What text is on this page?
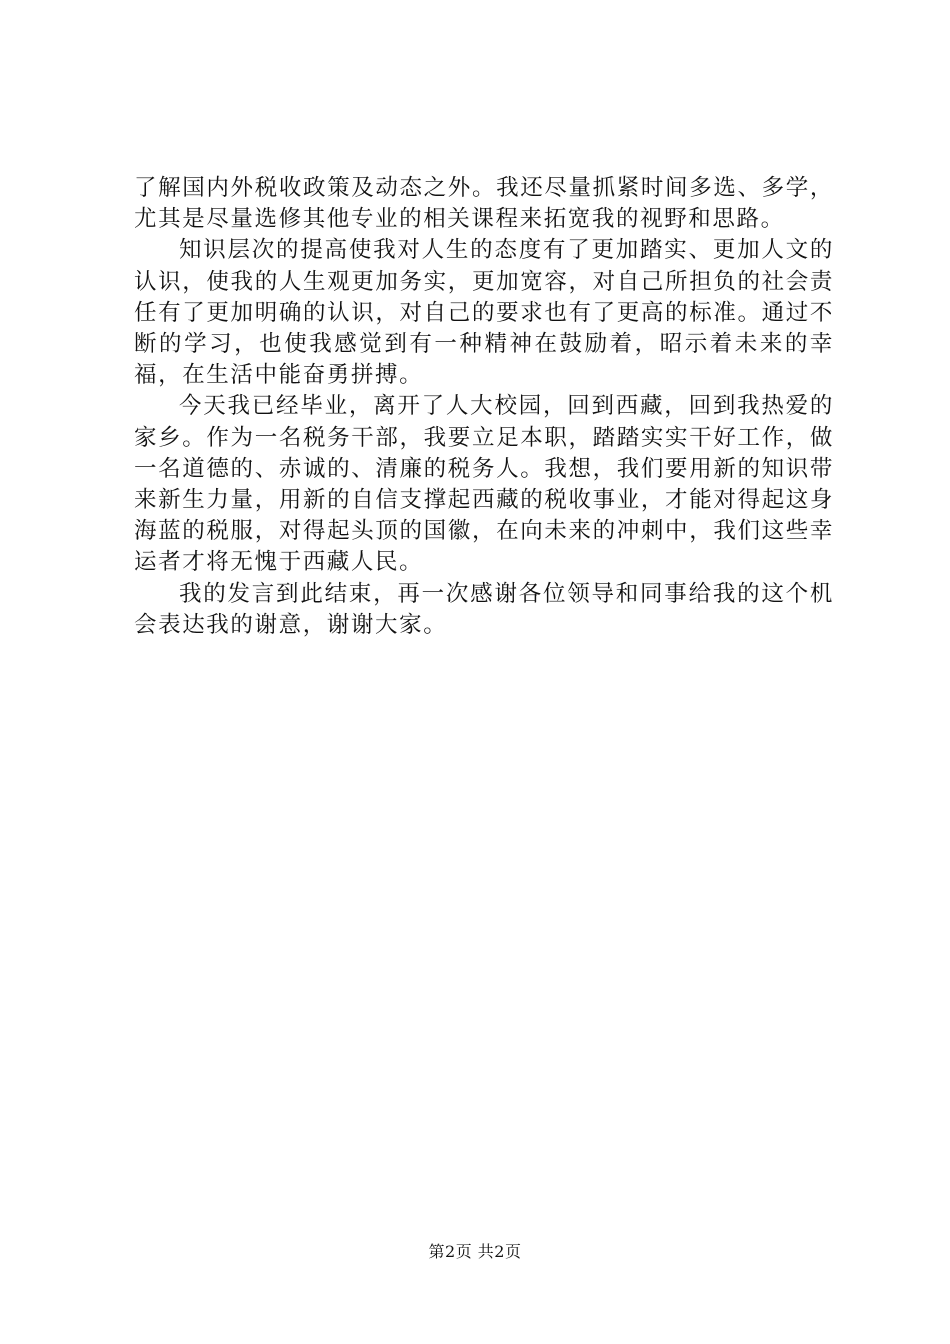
了解国内外税收政策及动态之外。我还尽量抓紧时间多选、多学，尤其是尽量选修其他专业的相关课程来拓宽我的视野和思路。

知识层次的提高使我对人生的态度有了更加踏实、更加人文的认识，使我的人生观更加务实，更加宽容，对自己所担负的社会责任有了更加明确的认识，对自己的要求也有了更高的标准。通过不断的学习，也使我感觉到有一种精神在鼓励着，昭示着未来的幸福，在生活中能奋勇拼搏。

今天我已经毕业，离开了人大校园，回到西藏，回到我热爱的家乡。作为一名税务干部，我要立足本职，踏踏实实干好工作，做一名道德的、赤诚的、清廉的税务人。我想，我们要用新的知识带来新生力量，用新的自信支撑起西藏的税收事业，才能对得起这身海蓝的税服，对得起头顶的国徽，在向未来的冲刺中，我们这些幸运者才将无愧于西藏人民。

我的发言到此结束，再一次感谢各位领导和同事给我的这个机会表达我的谢意，谢谢大家。

第2页 共2页
